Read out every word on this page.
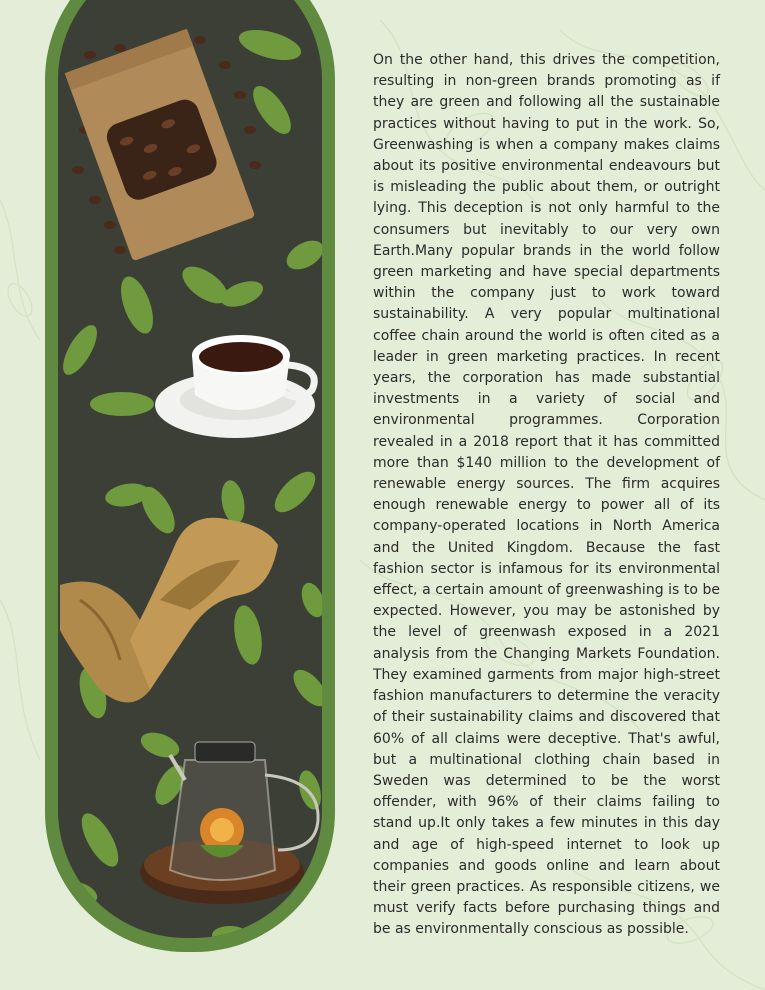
On the other hand, this drives the competition, resulting in non-green brands promoting as if they are green and following all the sustainable practices without having to put in the work. So, Greenwashing is when a company makes claims about its positive environmental endeavours but is misleading the public about them, or outright lying. This deception is not only harmful to the consumers but inevitably to our very own Earth.Many popular brands in the world follow green marketing and have special departments within the company just to work toward sustainability. A very popular multinational coffee chain around the world is often cited as a leader in green marketing practices. In recent years, the corporation has made substantial investments in a variety of social and environmental programmes. Corporation revealed in a 2018 report that it has committed more than $140 million to the development of renewable energy sources. The firm acquires enough renewable energy to power all of its company-operated locations in North America and the United Kingdom. Because the fast fashion sector is infamous for its environmental effect, a certain amount of greenwashing is to be expected. However, you may be astonished by the level of greenwash exposed in a 2021 analysis from the Changing Markets Foundation. They examined garments from major high-street fashion manufacturers to determine the veracity of their sustainability claims and discovered that 60% of all claims were deceptive. That's awful, but a multinational clothing chain based in Sweden was determined to be the worst offender, with 96% of their claims failing to stand up.It only takes a few minutes in this day and age of high-speed internet to look up companies and goods online and learn about their green practices. As responsible citizens, we must verify facts before purchasing things and be as environmentally conscious as possible.
